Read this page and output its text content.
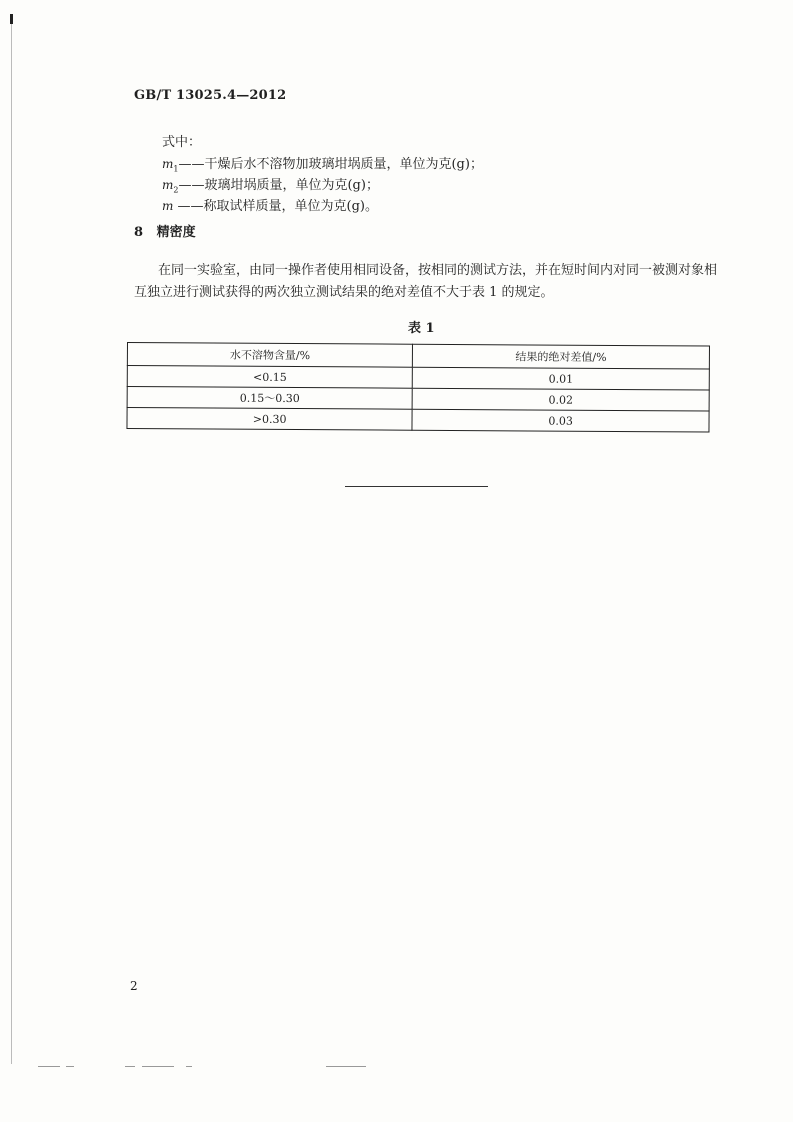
GB/T 13025.4—2012
式中：
$m_1——$干燥后水不溶物加玻璃坩埚质量，单位为克(g)；
$m_2——$玻璃坩埚质量，单位为克(g)；
m ——称取试样质量，单位为克(g)。
8 精密度
在同一实验室，由同一操作者使用相同设备，按相同的测试方法，并在短时间内对同一被测对象相互独立进行测试获得的两次独立测试结果的绝对差值不大于表 1 的规定。
表 1
水不溶物含量/%	结果的绝对差值/%
<0.15	0.01
0.15～0.30	0.02
>0.30	0.03
2
